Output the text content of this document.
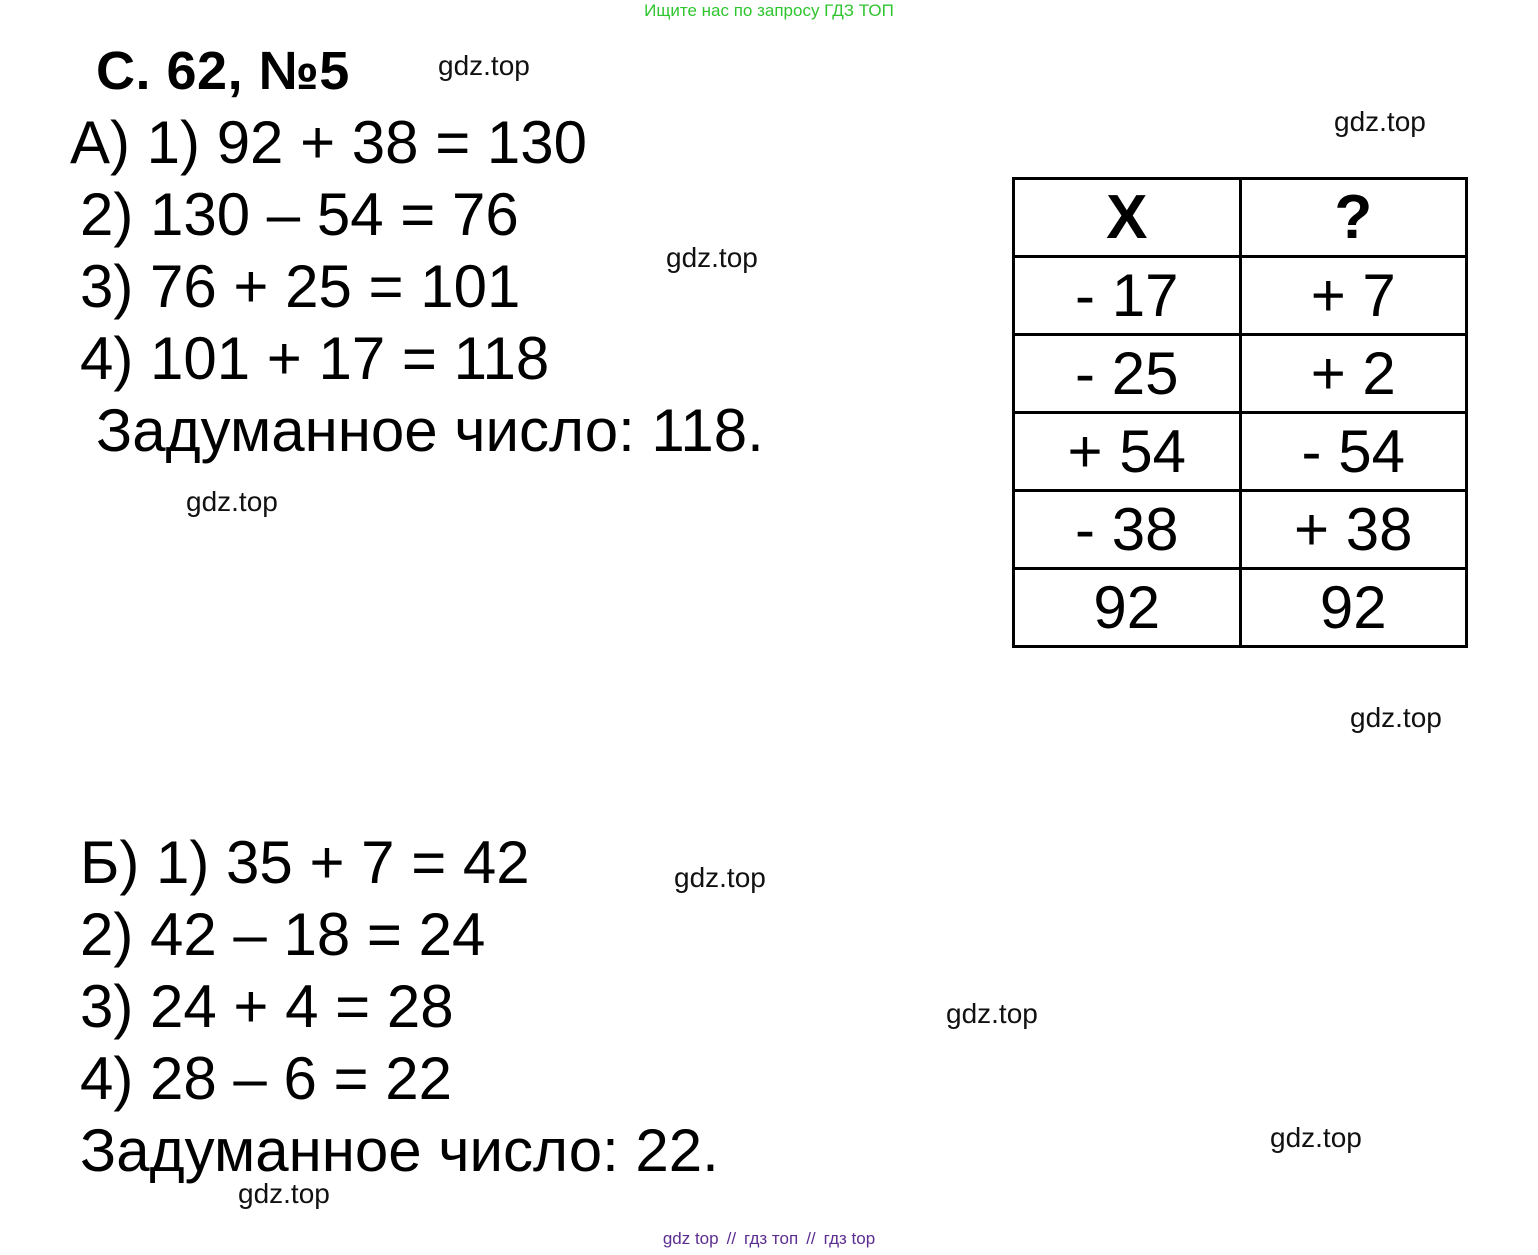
Ищите нас по запросу ГДЗ ТОП
С. 62, №5
А) 1) 92 + 38 = 130
2) 130 – 54 = 76
3) 76 + 25 = 101
4) 101 + 17 = 118
Задуманное число: 118.
X	?
- 17	+ 7
- 25	+ 2
+ 54	- 54
- 38	+ 38
92	92
Б) 1) 35 + 7 = 42
2) 42 – 18 = 24
3) 24 + 4 = 28
4) 28 – 6 = 22
Задуманное число: 22.
gdz.top
gdz.top
gdz.top
gdz.top
gdz.top
gdz.top
gdz.top
gdz.top
gdz.top
gdz top // гдз топ // гдз top
